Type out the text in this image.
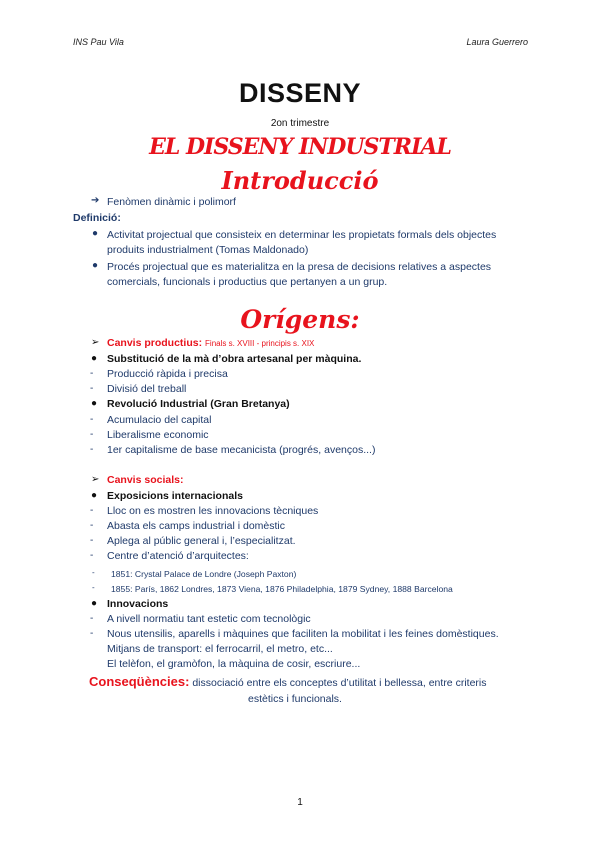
INS Pau Vila	Laura Guerrero
DISSENY
2on trimestre
EL DISSENY INDUSTRIAL
Introducció
➔ Fenòmen dinàmic i polimorf
Definició:
● Activitat projectual que consisteix en determinar les propietats formals dels objectes
produits industrialment (Tomas Maldonado)
● Procés projectual que es materialitza en la presa de decisions relatives a aspectes
comercials, funcionals i productius que pertanyen a un grup.
Orígens:
➢ Canvis productius: Finals s. XVIII - principis s. XIX
● Substitució de la mà d’obra artesanal per màquina.
- Producció ràpida i precisa
- Divisió del treball
● Revolució Industrial (Gran Bretanya)
- Acumulacio del capital
- Liberalisme economic
- 1er capitalisme de base mecanicista (progrés, avenços...)
➢ Canvis socials:
● Exposicions internacionals
- Lloc on es mostren les innovacions tècniques
- Abasta els camps industrial i domèstic
- Aplega al públic general i, l’especialitzat.
- Centre d’atenció d’arquitectes:
- 1851: Crystal Palace de Londre (Joseph Paxton)
- 1855: París, 1862 Londres, 1873 Viena, 1876 Philadelphia, 1879 Sydney, 1888 Barcelona
● Innovacions
- A nivell normatiu tant estetic com tecnològic
- Nous utensilis, aparells i màquines que faciliten la mobilitat i les feines domèstiques.
Mitjans de transport: el ferrocarril, el metro, etc...
El telèfon, el gramòfon, la màquina de cosir, escriure...
Conseqüències: dissociació entre els conceptes d’utilitat i bellessa, entre criteris
estètics i funcionals.
1
